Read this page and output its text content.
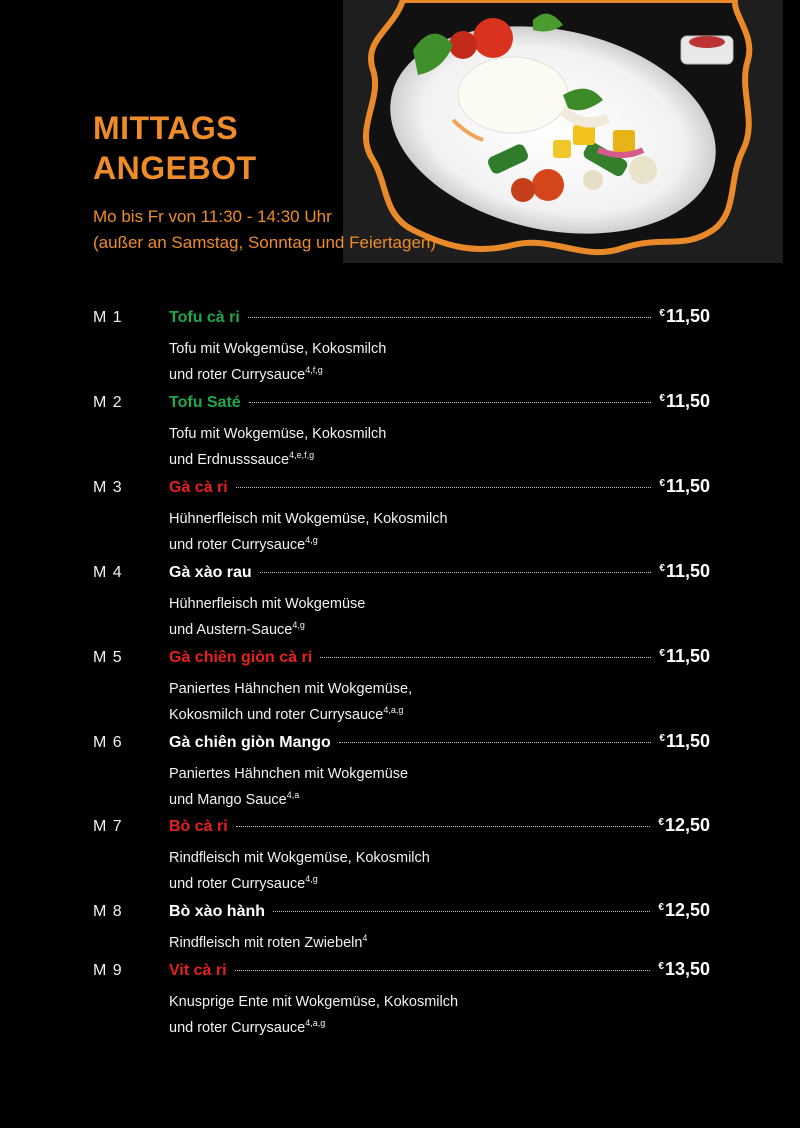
MITTAGS
ANGEBOT
Mo bis Fr von 11:30 - 14:30 Uhr
(außer an Samstag, Sonntag und Feiertagen)
M 1	Tofu cà ri	€11,50
Tofu mit Wokgemüse, Kokosmilch
und roter Currysauce$^{4,f,g}$
M 2	Tofu Saté	€11,50
Tofu mit Wokgemüse, Kokosmilch
und Erdnusssauce$^{4,e,f,g}$
M 3	Gà cà ri	€11,50
Hühnerfleisch mit Wokgemüse, Kokosmilch
und roter Currysauce$^{4,g}$
M 4	Gà xào rau	€11,50
Hühnerfleisch mit Wokgemüse
und Austern-Sauce$^{4,g}$
M 5	Gà chiên giòn cà ri	€11,50
Paniertes Hähnchen mit Wokgemüse,
Kokosmilch und roter Currysauce$^{4,a,g}$
M 6	Gà chiên giòn Mango	€11,50
Paniertes Hähnchen mit Wokgemüse
und Mango Sauce$^{4,a}$
M 7	Bò cà ri	€12,50
Rindfleisch mit Wokgemüse, Kokosmilch
und roter Currysauce$^{4,g}$
M 8	Bò xào hành	€12,50
Rindfleisch mit roten Zwiebeln$^4$
M 9	Vit cà ri	€13,50
Knusprige Ente mit Wokgemüse, Kokosmilch
und roter Currysauce$^{4,a,g}$
